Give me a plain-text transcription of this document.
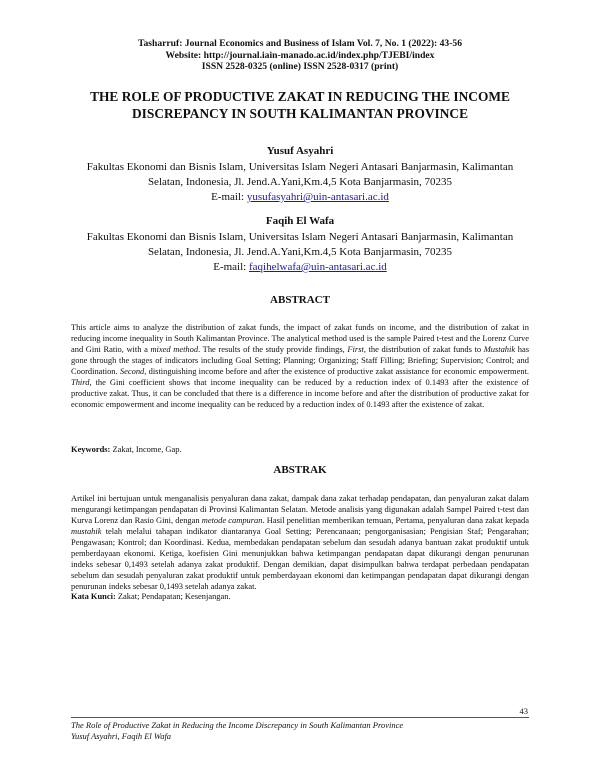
Tasharruf: Journal Economics and Business of Islam Vol. 7, No. 1 (2022): 43-56
Website: http://journal.iain-manado.ac.id/index.php/TJEBI/index
ISSN 2528-0325 (online) ISSN 2528-0317 (print)
THE ROLE OF PRODUCTIVE ZAKAT IN REDUCING THE INCOME
DISCREPANCY IN SOUTH KALIMANTAN PROVINCE
Yusuf Asyahri
Fakultas Ekonomi dan Bisnis Islam, Universitas Islam Negeri Antasari Banjarmasin, Kalimantan
Selatan, Indonesia, Jl. Jend.A.Yani,Km.4,5 Kota Banjarmasin, 70235
E-mail: yusufasyahri@uin-antasari.ac.id
Faqih El Wafa
Fakultas Ekonomi dan Bisnis Islam, Universitas Islam Negeri Antasari Banjarmasin, Kalimantan
Selatan, Indonesia, Jl. Jend.A.Yani,Km.4,5 Kota Banjarmasin, 70235
E-mail: faqihelwafa@uin-antasari.ac.id
ABSTRACT
This article aims to analyze the distribution of zakat funds, the impact of zakat funds on income, and the distribution of zakat in reducing income inequality in South Kalimantan Province. The analytical method used is the sample Paired t-test and the Lorenz Curve and Gini Ratio, with a mixed method. The results of the study provide findings, First, the distribution of zakat funds to Mustahik has gone through the stages of indicators including Goal Setting; Planning; Organizing; Staff Filling; Briefing; Supervision; Control; and Coordination. Second, distinguishing income before and after the existence of productive zakat assistance for economic empowerment. Third, the Gini coefficient shows that income inequality can be reduced by a reduction index of 0.1493 after the existence of productive zakat. Thus, it can be concluded that there is a difference in income before and after the distribution of productive zakat for economic empowerment and income inequality can be reduced by a reduction index of 0.1493 after the existence of zakat.
Keywords: Zakat, Income, Gap.
ABSTRAK
Artikel ini bertujuan untuk menganalisis penyaluran dana zakat, dampak dana zakat terhadap pendapatan, dan penyaluran zakat dalam mengurangi ketimpangan pendapatan di Provinsi Kalimantan Selatan. Metode analisis yang digunakan adalah Sampel Paired t-test dan Kurva Lorenz dan Rasio Gini, dengan metode campuran. Hasil penelitian memberikan temuan, Pertama, penyaluran dana zakat kepada mustahik telah melalui tahapan indikator diantaranya Goal Setting; Perencanaan; pengorganisasian; Pengisian Staf; Pengarahan; Pengawasan; Kontrol; dan Koordinasi. Kedua, membedakan pendapatan sebelum dan sesudah adanya bantuan zakat produktif untuk pemberdayaan ekonomi. Ketiga, koefisien Gini menunjukkan bahwa ketimpangan pendapatan dapat dikurangi dengan penurunan indeks sebesar 0,1493 setelah adanya zakat produktif. Dengan demikian, dapat disimpulkan bahwa terdapat perbedaan pendapatan sebelum dan sesudah penyaluran zakat produktif untuk pemberdayaan ekonomi dan ketimpangan pendapatan dapat dikurangi dengan penurunan indeks sebesar 0,1493 setelah adanya zakat.
Kata Kunci: Zakat; Pendapatan; Kesenjangan.
43
The Role of Productive Zakat in Reducing the Income Discrepancy in South Kalimantan Province
Yusuf Asyahri, Faqih El Wafa
